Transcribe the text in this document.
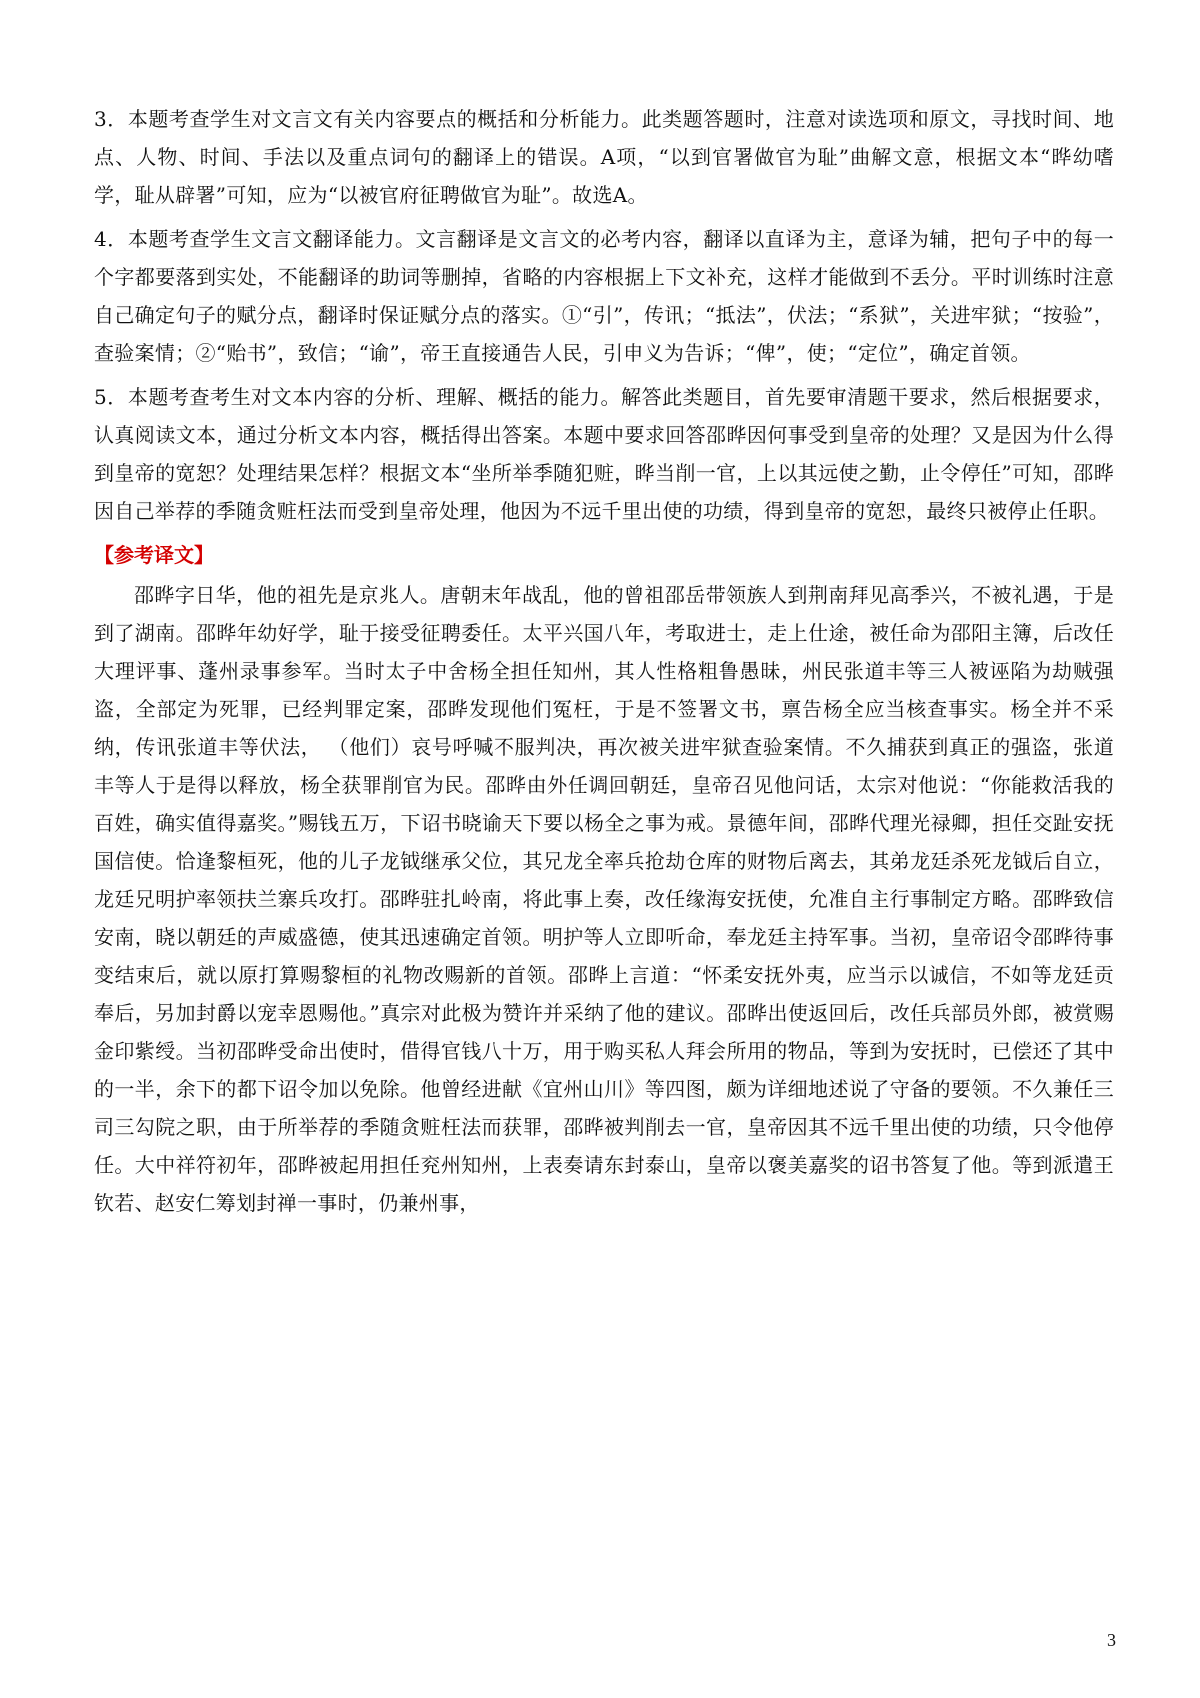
3．本题考查学生对文言文有关内容要点的概括和分析能力。此类题答题时，注意对读选项和原文，寻找时间、地点、人物、时间、手法以及重点词句的翻译上的错误。A项，“以到官署做官为耻”曲解文意，根据文本“晔幼嗜学，耻从辟署”可知，应为“以被官府征聘做官为耻”。故选A。

4．本题考查学生文言文翻译能力。文言翻译是文言文的必考内容，翻译以直译为主，意译为辅，把句子中的每一个字都要落到实处，不能翻译的助词等删掉，省略的内容根据上下文补充，这样才能做到不丢分。平时训练时注意自己确定句子的赋分点，翻译时保证赋分点的落实。①“引”，传讯；“抵法”，伏法；“系狱”，关进牢狱；“按验”，查验案情；②“贻书”，致信；“谕”，帝王直接通告人民，引申义为告诉；“俾”，使；“定位”，确定首领。

5．本题考查考生对文本内容的分析、理解、概括的能力。解答此类题目，首先要审清题干要求，然后根据要求，认真阅读文本，通过分析文本内容，概括得出答案。本题中要求回答邵晔因何事受到皇帝的处理？又是因为什么得到皇帝的宽恕？处理结果怎样？根据文本“坐所举季随犯赃，晔当削一官，上以其远使之勤，止令停任”可知，邵晔因自己举荐的季随贪赃枉法而受到皇帝处理，他因为不远千里出使的功绩，得到皇帝的宽恕，最终只被停止任职。

【参考译文】

邵晔字日华，他的祖先是京兆人。唐朝末年战乱，他的曾祖邵岳带领族人到荆南拜见高季兴，不被礼遇，于是到了湖南。邵晔年幼好学，耻于接受征聘委任。太平兴国八年，考取进士，走上仕途，被任命为邵阳主簿，后改任大理评事、蓬州录事参军。当时太子中舍杨全担任知州，其人性格粗鲁愚昧，州民张道丰等三人被诬陷为劫贼强盗，全部定为死罪，已经判罪定案，邵晔发现他们冤枉，于是不签署文书，禀告杨全应当核查事实。杨全并不采纳，传讯张道丰等伏法， （他们）哀号呼喊不服判决，再次被关进牢狱查验案情。不久捕获到真正的强盗，张道丰等人于是得以释放，杨全获罪削官为民。邵晔由外任调回朝廷，皇帝召见他问话，太宗对他说：“你能救活我的百姓，确实值得嘉奖。”赐钱五万，下诏书晓谕天下要以杨全之事为戒。景德年间，邵晔代理光禄卿，担任交趾安抚国信使。恰逢黎桓死，他的儿子龙钺继承父位，其兄龙全率兵抢劫仓库的财物后离去，其弟龙廷杀死龙钺后自立，龙廷兄明护率领扶兰寨兵攻打。邵晔驻扎岭南，将此事上奏，改任缘海安抚使，允准自主行事制定方略。邵晔致信安南，晓以朝廷的声威盛德，使其迅速确定首领。明护等人立即听命，奉龙廷主持军事。当初，皇帝诏令邵晔待事变结束后，就以原打算赐黎桓的礼物改赐新的首领。邵晔上言道：“怀柔安抚外夷，应当示以诚信，不如等龙廷贡奉后，另加封爵以宠幸恩赐他。”真宗对此极为赞许并采纳了他的建议。邵晔出使返回后，改任兵部员外郎，被赏赐金印紫绶。当初邵晔受命出使时，借得官钱八十万，用于购买私人拜会所用的物品，等到为安抚时，已偿还了其中的一半，余下的都下诏令加以免除。他曾经进献《宜州山川》等四图，颇为详细地述说了守备的要领。不久兼任三司三勾院之职，由于所举荐的季随贪赃枉法而获罪，邵晔被判削去一官，皇帝因其不远千里出使的功绩，只令他停任。大中祥符初年，邵晔被起用担任兖州知州，上表奏请东封泰山，皇帝以褒美嘉奖的诏书答复了他。等到派遣王钦若、赵安仁筹划封禅一事时，仍兼州事，

3
